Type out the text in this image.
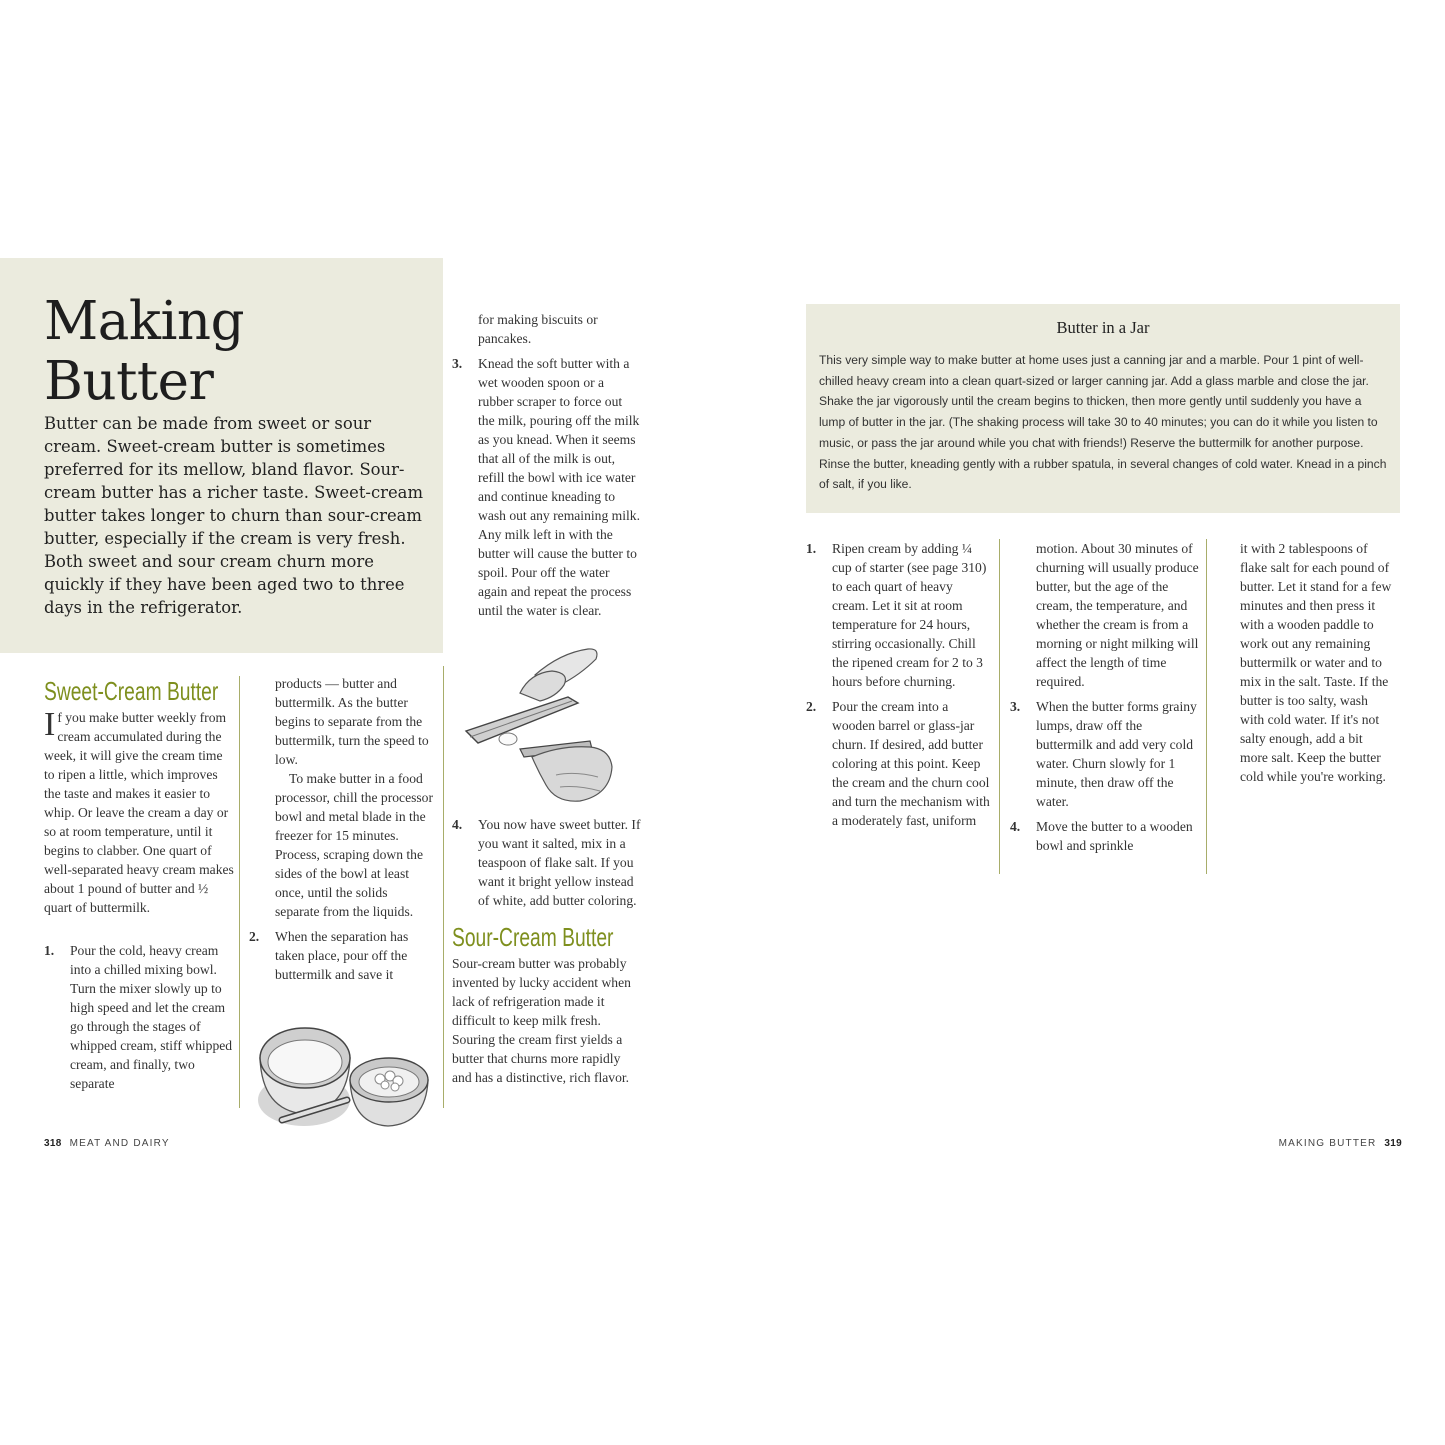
Making
Butter

Butter can be made from sweet or sour cream. Sweet-cream butter is sometimes preferred for its mellow, bland flavor. Sour-cream butter has a richer taste. Sweet-cream butter takes longer to churn than sour-cream butter, especially if the cream is very fresh. Both sweet and sour cream churn more quickly if they have been aged two to three days in the refrigerator.

Sweet-Cream Butter

If you make butter weekly from cream accumulated during the week, it will give the cream time to ripen a little, which improves the taste and makes it easier to whip. Or leave the cream a day or so at room temperature, until it begins to clabber. One quart of well-separated heavy cream makes about 1 pound of butter and ½ quart of buttermilk.

1. Pour the cold, heavy cream into a chilled mixing bowl. Turn the mixer slowly up to high speed and let the cream go through the stages of whipped cream, stiff whipped cream, and finally, two separate

products — butter and buttermilk. As the butter begins to separate from the buttermilk, turn the speed to low.

To make butter in a food processor, chill the processor bowl and metal blade in the freezer for 15 minutes. Process, scraping down the sides of the bowl at least once, until the solids separate from the liquids.

2. When the separation has taken place, pour off the buttermilk and save it

for making biscuits or pancakes.

3. Knead the soft butter with a wet wooden spoon or a rubber scraper to force out the milk, pouring off the milk as you knead. When it seems that all of the milk is out, refill the bowl with ice water and continue kneading to wash out any remaining milk. Any milk left in with the butter will cause the butter to spoil. Pour off the water again and repeat the process until the water is clear.
4. You now have sweet butter. If you want it salted, mix in a teaspoon of flake salt. If you want it bright yellow instead of white, add butter coloring.
Sour-Cream Butter

Sour-cream butter was probably invented by lucky accident when lack of refrigeration made it difficult to keep milk fresh. Souring the cream first yields a butter that churns more rapidly and has a distinctive, rich flavor.

318 MEAT AND DAIRY
Butter in a Jar

This very simple way to make butter at home uses just a canning jar and a marble. Pour 1 pint of well-chilled heavy cream into a clean quart-sized or larger canning jar. Add a glass marble and close the jar. Shake the jar vigorously until the cream begins to thicken, then more gently until suddenly you have a lump of butter in the jar. (The shaking process will take 30 to 40 minutes; you can do it while you listen to music, or pass the jar around while you chat with friends!) Reserve the buttermilk for another purpose. Rinse the butter, kneading gently with a rubber spatula, in several changes of cold water. Knead in a pinch of salt, if you like.

1. Ripen cream by adding ¼ cup of starter (see page 310) to each quart of heavy cream. Let it sit at room temperature for 24 hours, stirring occasionally. Chill the ripened cream for 2 to 3 hours before churning.
2. Pour the cream into a wooden barrel or glass-jar churn. If desired, add butter coloring at this point. Keep the cream and the churn cool and turn the mechanism with a moderately fast, uniform

motion. About 30 minutes of churning will usually produce butter, but the age of the cream, the temperature, and whether the cream is from a morning or night milking will affect the length of time required.

3. When the butter forms grainy lumps, draw off the buttermilk and add very cold water. Churn slowly for 1 minute, then draw off the water.
4. Move the butter to a wooden bowl and sprinkle

it with 2 tablespoons of flake salt for each pound of butter. Let it stand for a few minutes and then press it with a wooden paddle to work out any remaining buttermilk or water and to mix in the salt. Taste. If the butter is too salty, wash with cold water. If it's not salty enough, add a bit more salt. Keep the butter cold while you're working.

MAKING BUTTER 319
